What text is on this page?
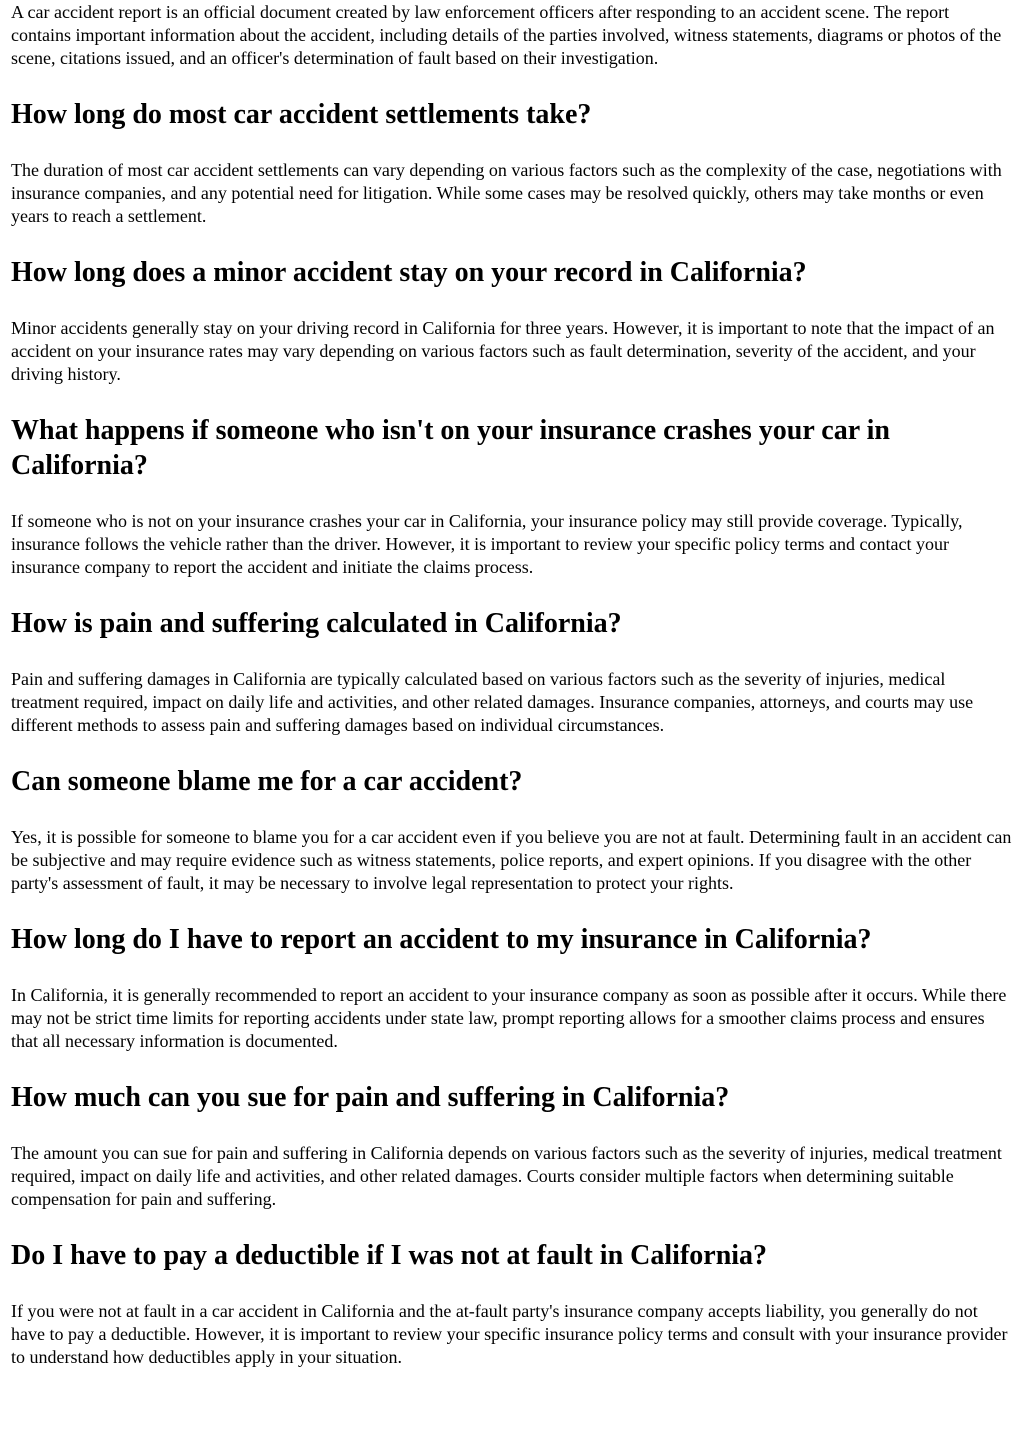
A car accident report is an official document created by law enforcement officers after responding to an accident scene. The report contains important information about the accident, including details of the parties involved, witness statements, diagrams or photos of the scene, citations issued, and an officer's determination of fault based on their investigation.

How long do most car accident settlements take?

The duration of most car accident settlements can vary depending on various factors such as the complexity of the case, negotiations with insurance companies, and any potential need for litigation. While some cases may be resolved quickly, others may take months or even years to reach a settlement.

How long does a minor accident stay on your record in California?

Minor accidents generally stay on your driving record in California for three years. However, it is important to note that the impact of an accident on your insurance rates may vary depending on various factors such as fault determination, severity of the accident, and your driving history.

What happens if someone who isn't on your insurance crashes your car in California?

If someone who is not on your insurance crashes your car in California, your insurance policy may still provide coverage. Typically, insurance follows the vehicle rather than the driver. However, it is important to review your specific policy terms and contact your insurance company to report the accident and initiate the claims process.

How is pain and suffering calculated in California?

Pain and suffering damages in California are typically calculated based on various factors such as the severity of injuries, medical treatment required, impact on daily life and activities, and other related damages. Insurance companies, attorneys, and courts may use different methods to assess pain and suffering damages based on individual circumstances.

Can someone blame me for a car accident?

Yes, it is possible for someone to blame you for a car accident even if you believe you are not at fault. Determining fault in an accident can be subjective and may require evidence such as witness statements, police reports, and expert opinions. If you disagree with the other party's assessment of fault, it may be necessary to involve legal representation to protect your rights.

How long do I have to report an accident to my insurance in California?

In California, it is generally recommended to report an accident to your insurance company as soon as possible after it occurs. While there may not be strict time limits for reporting accidents under state law, prompt reporting allows for a smoother claims process and ensures that all necessary information is documented.

How much can you sue for pain and suffering in California?

The amount you can sue for pain and suffering in California depends on various factors such as the severity of injuries, medical treatment required, impact on daily life and activities, and other related damages. Courts consider multiple factors when determining suitable compensation for pain and suffering.

Do I have to pay a deductible if I was not at fault in California?

If you were not at fault in a car accident in California and the at-fault party's insurance company accepts liability, you generally do not have to pay a deductible. However, it is important to review your specific insurance policy terms and consult with your insurance provider to understand how deductibles apply in your situation.
